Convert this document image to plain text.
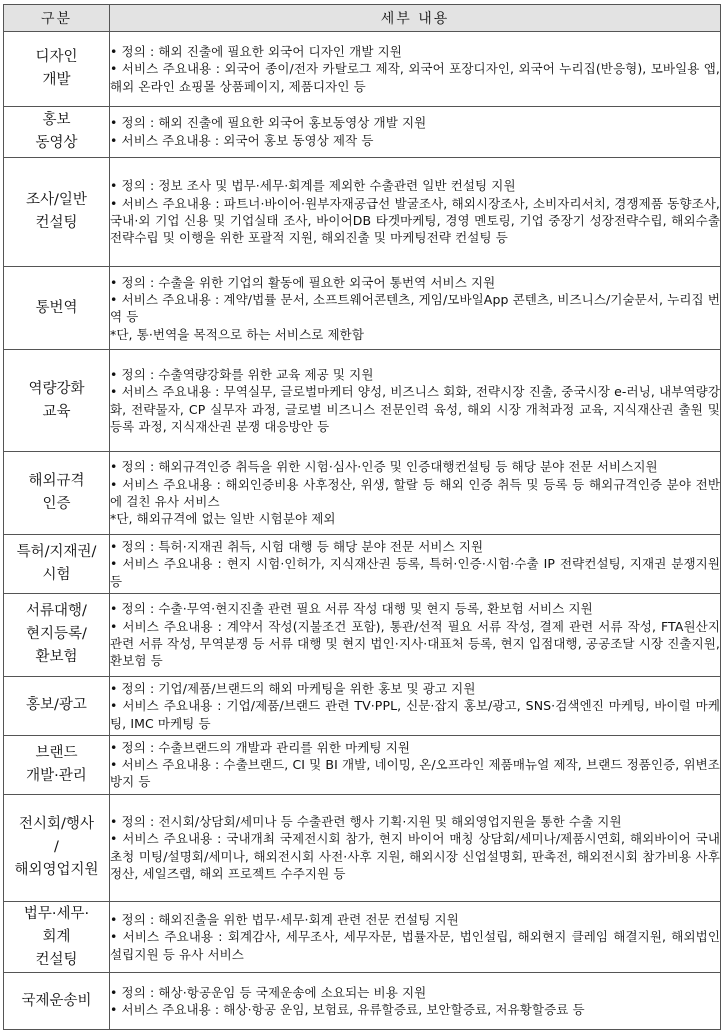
구분	세부 내용

디자인
개발	• 정의 : 해외 진출에 필요한 외국어 디자인 개발 지원
• 서비스 주요내용 : 외국어 종이/전자 카탈로그 제작, 외국어 포장디자인, 외국어 누리집(반응형), 모바일용 앱, 해외 온라인 쇼핑몰 상품페이지, 제품디자인 등

홍보
동영상	• 정의 : 해외 진출에 필요한 외국어 홍보동영상 개발 지원
• 서비스 주요내용 : 외국어 홍보 동영상 제작 등

조사/일반
컨설팅	• 정의 : 정보 조사 및 법무·세무·회계를 제외한 수출관련 일반 컨설팅 지원
• 서비스 주요내용 : 파트너·바이어·원부자재공급선 발굴조사, 해외시장조사, 소비자리서치, 경쟁제품 동향조사, 국내·외 기업 신용 및 기업실태 조사, 바이어DB 타겟마케팅, 경영 멘토링, 기업 중장기 성장전략수립, 해외수출 전략수립 및 이행을 위한 포괄적 지원, 해외진출 및 마케팅전략 컨설팅 등

통번역	• 정의 : 수출을 위한 기업의 활동에 필요한 외국어 통번역 서비스 지원
• 서비스 주요내용 : 계약/법률 문서, 소프트웨어콘텐츠, 게임/모바일App 콘텐츠, 비즈니스/기술문서, 누리집 번역 등
*단, 통·번역을 목적으로 하는 서비스로 제한함

역량강화
교육	• 정의 : 수출역량강화를 위한 교육 제공 및 지원
• 서비스 주요내용 : 무역실무, 글로벌마케터 양성, 비즈니스 회화, 전략시장 진출, 중국시장 e-러닝, 내부역량강화, 전략물자, CP 실무자 과정, 글로벌 비즈니스 전문인력 육성, 해외 시장 개척과정 교육, 지식재산권 출원 및 등록 과정, 지식재산권 분쟁 대응방안 등

해외규격
인증	• 정의 : 해외규격인증 취득을 위한 시험·심사·인증 및 인증대행컨설팅 등 해당 분야 전문 서비스지원
• 서비스 주요내용 : 해외인증비용 사후정산, 위생, 할랄 등 해외 인증 취득 및 등록 등 해외규격인증 분야 전반에 걸친 유사 서비스
*단, 해외규격에 없는 일반 시험분야 제외

특허/지재권/
시험	• 정의 : 특허·지재권 취득, 시험 대행 등 해당 분야 전문 서비스 지원
• 서비스 주요내용 : 현지 시험·인허가, 지식재산권 등록, 특허·인증·시험·수출 IP 전략컨설팅, 지재권 분쟁지원 등

서류대행/
현지등록/
환보험	• 정의 : 수출·무역·현지진출 관련 필요 서류 작성 대행 및 현지 등록, 환보험 서비스 지원
• 서비스 주요내용 : 계약서 작성(지불조건 포함), 통관/선적 필요 서류 작성, 결제 관련 서류 작성, FTA원산지 관련 서류 작성, 무역분쟁 등 서류 대행 및 현지 법인·지사·대표처 등록, 현지 입점대행, 공공조달 시장 진출지원, 환보험 등

홍보/광고	• 정의 : 기업/제품/브랜드의 해외 마케팅을 위한 홍보 및 광고 지원
• 서비스 주요내용 : 기업/제품/브랜드 관련 TV·PPL, 신문·잡지 홍보/광고, SNS·검색엔진 마케팅, 바이럴 마케팅, IMC 마케팅 등

브랜드
개발·관리	• 정의 : 수출브랜드의 개발과 관리를 위한 마케팅 지원
• 서비스 주요내용 : 수출브랜드, CI 및 BI 개발, 네이밍, 온/오프라인 제품매뉴얼 제작, 브랜드 정품인증, 위변조방지 등

전시회/행사
/
해외영업지원	• 정의 : 전시회/상담회/세미나 등 수출관련 행사 기획·지원 및 해외영업지원을 통한 수출 지원
• 서비스 주요내용 : 국내개최 국제전시회 참가, 현지 바이어 매칭 상담회/세미나/제품시연회, 해외바이어 국내초청 미팅/설명회/세미나, 해외전시회 사전·사후 지원, 해외시장 신업설명회, 판촉전, 해외전시회 참가비용 사후정산, 세일즈랩, 해외 프로젝트 수주지원 등

법무·세무·
회계
컨설팅	• 정의 : 해외진출을 위한 법무·세무·회계 관련 전문 컨설팅 지원
• 서비스 주요내용 : 회계감사, 세무조사, 세무자문, 법률자문, 법인설립, 해외현지 클레임 해결지원, 해외법인 설립지원 등 유사 서비스

국제운송비	• 정의 : 해상·항공운임 등 국제운송에 소요되는 비용 지원
• 서비스 주요내용 : 해상·항공 운임, 보험료, 유류할증료, 보안할증료, 저유황할증료 등
